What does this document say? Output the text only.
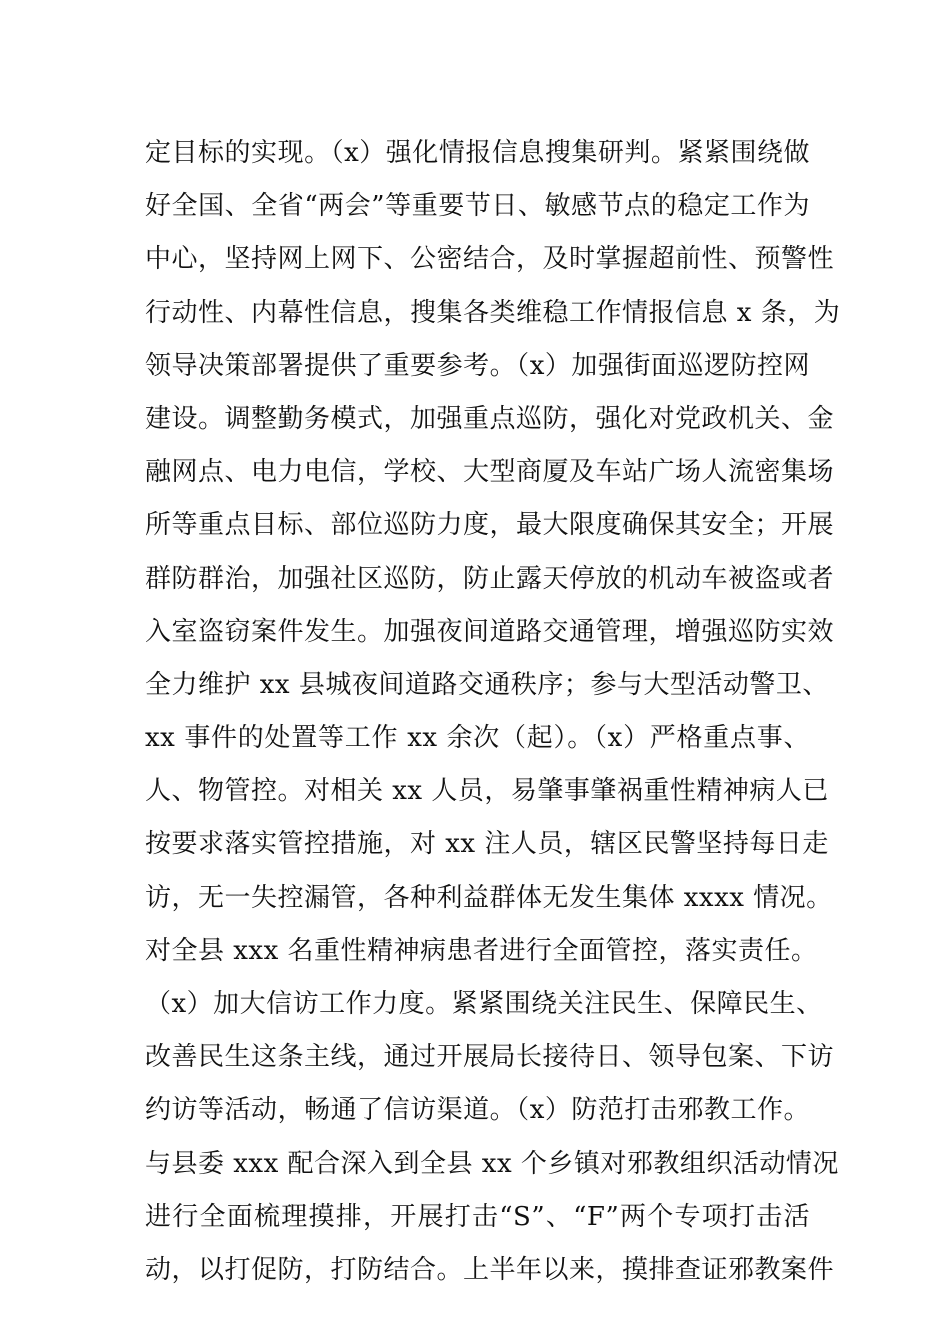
定目标的实现。（x）强化情报信息搜集研判。紧紧围绕做
好全国、全省“两会”等重要节日、敏感节点的稳定工作为
中心，坚持网上网下、公密结合，及时掌握超前性、预警性
行动性、内幕性信息，搜集各类维稳工作情报信息 x 条，为
领导决策部署提供了重要参考。（x）加强街面巡逻防控网
建设。调整勤务模式，加强重点巡防，强化对党政机关、金
融网点、电力电信，学校、大型商厦及车站广场人流密集场
所等重点目标、部位巡防力度，最大限度确保其安全；开展
群防群治，加强社区巡防，防止露天停放的机动车被盗或者
入室盗窃案件发生。加强夜间道路交通管理，增强巡防实效
全力维护 xx 县城夜间道路交通秩序；参与大型活动警卫、
xx 事件的处置等工作 xx 余次（起）。（x）严格重点事、
人、物管控。对相关 xx 人员，易肇事肇祸重性精神病人已
按要求落实管控措施，对 xx 注人员，辖区民警坚持每日走
访，无一失控漏管，各种利益群体无发生集体 xxxx 情况。
对全县 xxx 名重性精神病患者进行全面管控，落实责任。
（x）加大信访工作力度。紧紧围绕关注民生、保障民生、
改善民生这条主线，通过开展局长接待日、领导包案、下访
约访等活动，畅通了信访渠道。（x）防范打击邪教工作。
与县委 xxx 配合深入到全县 xx 个乡镇对邪教组织活动情况
进行全面梳理摸排，开展打击“S”、“F”两个专项打击活
动，以打促防，打防结合。上半年以来，摸排查证邪教案件
